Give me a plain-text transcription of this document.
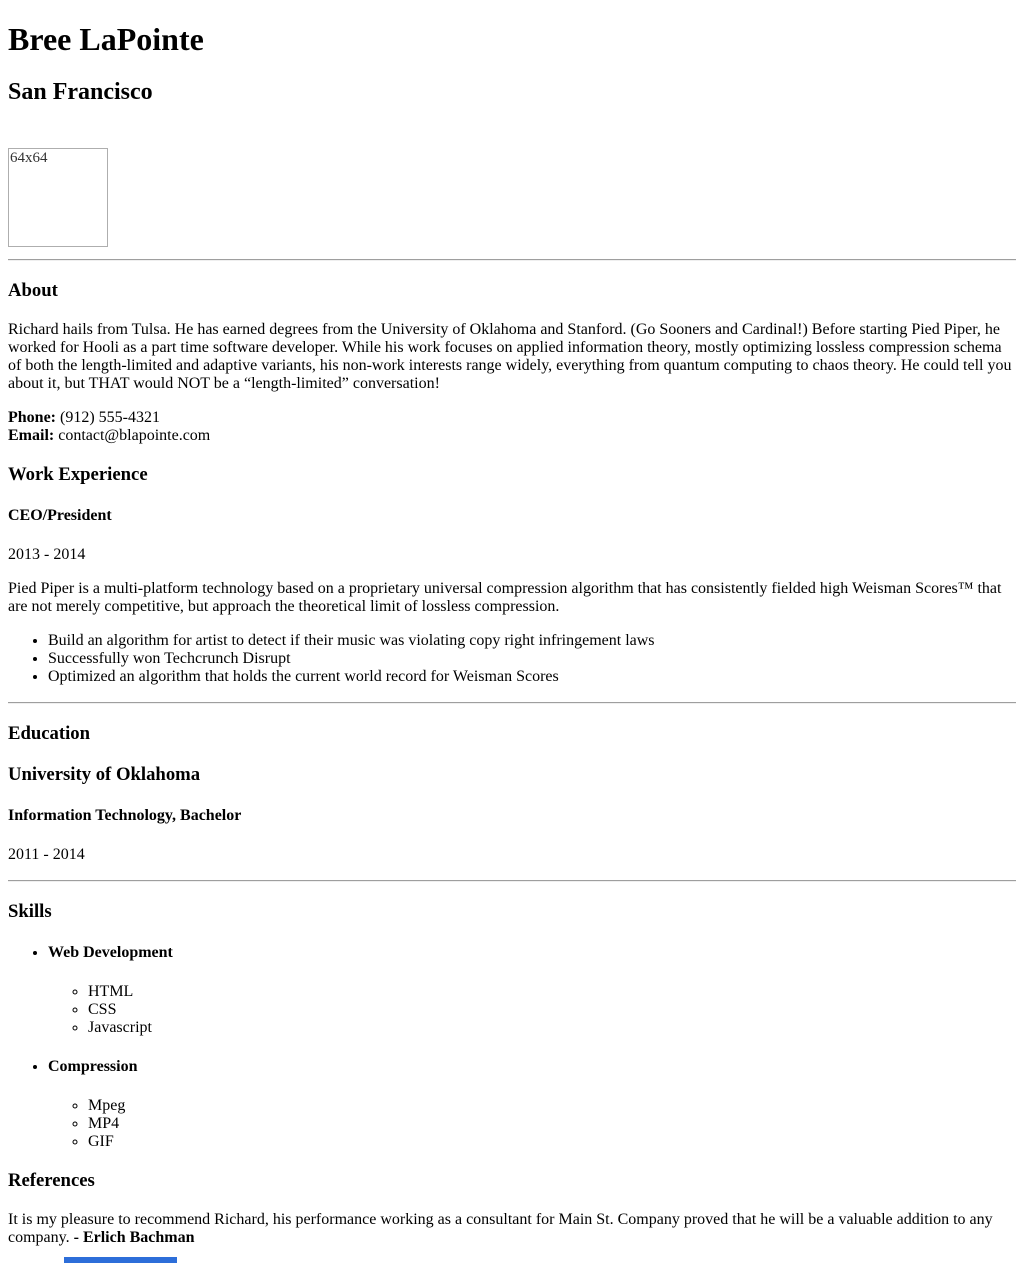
Bree LaPointe
San Francisco

64x64

About

Richard hails from Tulsa. He has earned degrees from the University of Oklahoma and Stanford. (Go Sooners and Cardinal!) Before starting Pied Piper, he worked for Hooli as a part time software developer. While his work focuses on applied information theory, mostly optimizing lossless compression schema of both the length-limited and adaptive variants, his non-work interests range widely, everything from quantum computing to chaos theory. He could tell you about it, but THAT would NOT be a “length-limited” conversation!

Phone: (912) 555-4321
Email: contact@blapointe.com

Work Experience
CEO/President

2013 - 2014

Pied Piper is a multi-platform technology based on a proprietary universal compression algorithm that has consistently fielded high Weisman Scores™ that are not merely competitive, but approach the theoretical limit of lossless compression.

• Build an algorithm for artist to detect if their music was violating copy right infringement laws
• Successfully won Techcrunch Disrupt
• Optimized an algorithm that holds the current world record for Weisman Scores
Education
University of Oklahoma
Information Technology, Bachelor

2011 - 2014

Skills
• Web Development
◦ HTML
◦ CSS
◦ Javascript
• Compression
◦ Mpeg
◦ MP4
◦ GIF
References

It is my pleasure to recommend Richard, his performance working as a consultant for Main St. Company proved that he will be a valuable addition to any company. - Erlich Bachman
